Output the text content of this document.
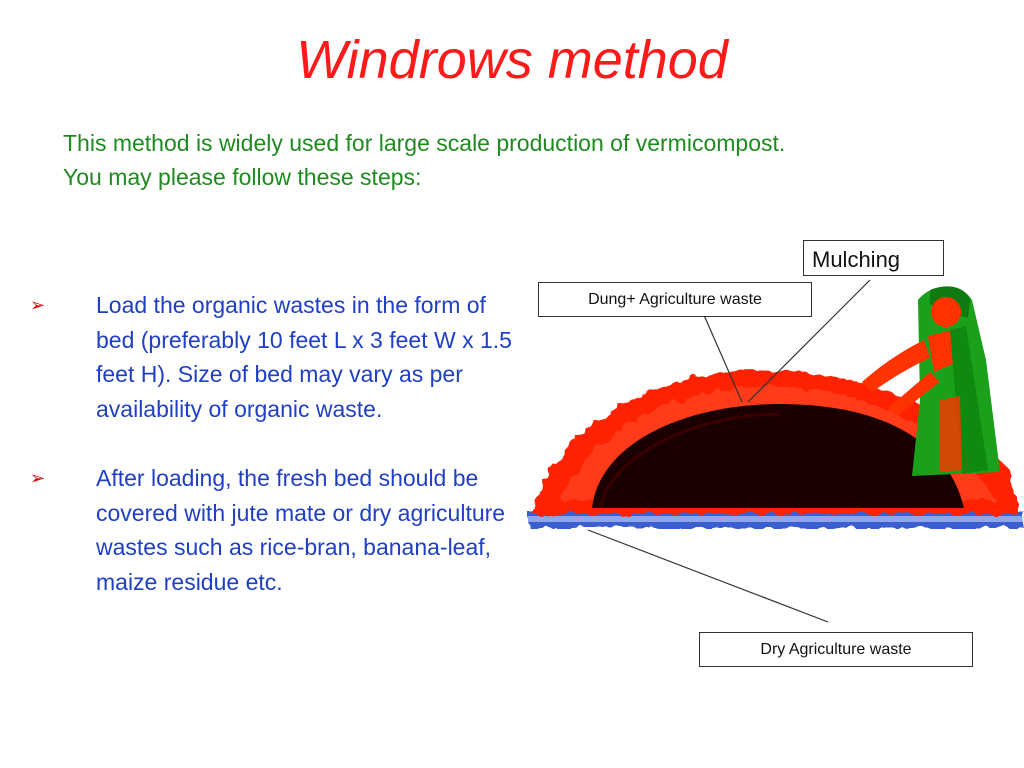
Windrows method
This method is widely used for large scale production of vermicompost.
You may please follow these steps:
➢ Load the organic wastes in the form of bed (preferably 10 feet L x 3 feet W x 1.5 feet H). Size of bed may vary as per availability of organic waste.
➢ After loading, the fresh bed should be covered with jute mate or dry agriculture wastes such as rice-bran, banana-leaf, maize residue etc.
Mulching
Dung+ Agriculture waste
Dry Agriculture waste
